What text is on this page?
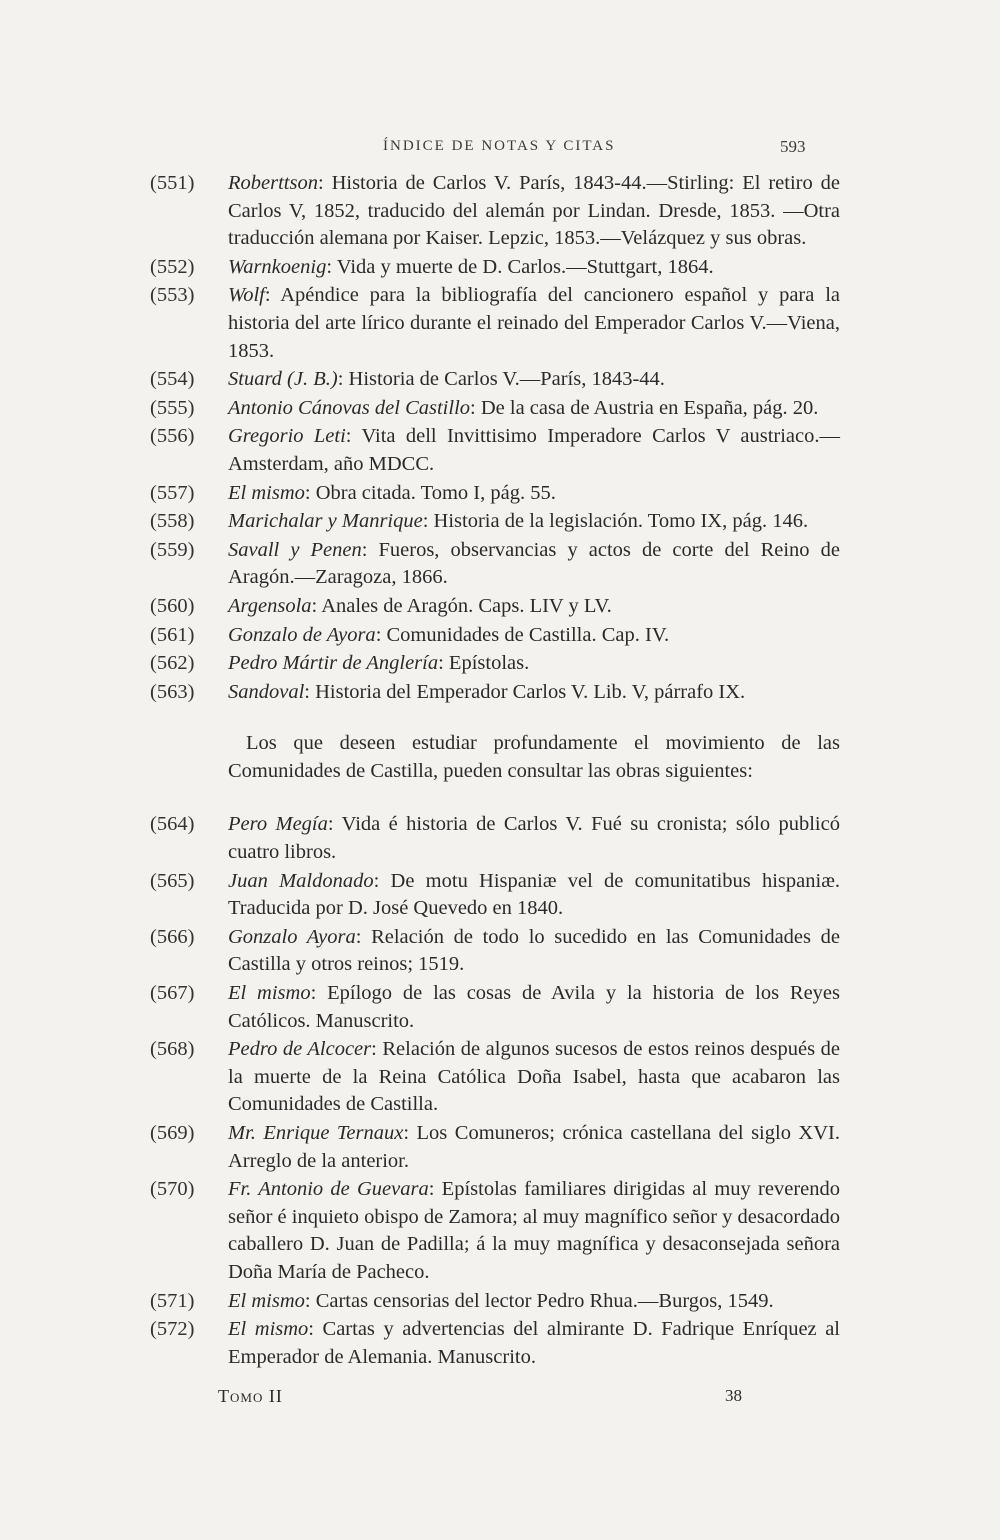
ÍNDICE DE NOTAS Y CITAS	593
(551)	Roberttson: Historia de Carlos V. París, 1843-44.—Stirling: El retiro de Carlos V, 1852, traducido del alemán por Lindan. Dresde, 1853. —Otra traducción alemana por Kaiser. Lepzic, 1853.—Velázquez y sus obras.
(552)	Warnkoenig: Vida y muerte de D. Carlos.—Stuttgart, 1864.
(553)	Wolf: Apéndice para la bibliografía del cancionero español y para la historia del arte lírico durante el reinado del Emperador Carlos V.—Viena, 1853.
(554)	Stuard (J. B.): Historia de Carlos V.—París, 1843-44.
(555)	Antonio Cánovas del Castillo: De la casa de Austria en España, pág. 20.
(556)	Gregorio Leti: Vita dell Invittisimo Imperadore Carlos V austriaco.—Amsterdam, año MDCC.
(557)	El mismo: Obra citada. Tomo I, pág. 55.
(558)	Marichalar y Manrique: Historia de la legislación. Tomo IX, pág. 146.
(559)	Savall y Penen: Fueros, observancias y actos de corte del Reino de Aragón.—Zaragoza, 1866.
(560)	Argensola: Anales de Aragón. Caps. LIV y LV.
(561)	Gonzalo de Ayora: Comunidades de Castilla. Cap. IV.
(562)	Pedro Mártir de Anglería: Epístolas.
(563)	Sandoval: Historia del Emperador Carlos V. Lib. V, párrafo IX.
Los que deseen estudiar profundamente el movimiento de las Comunidades de Castilla, pueden consultar las obras siguientes:
(564)	Pero Megía: Vida é historia de Carlos V. Fué su cronista; sólo publicó cuatro libros.
(565)	Juan Maldonado: De motu Hispaniæ vel de comunitatibus hispaniæ. Traducida por D. José Quevedo en 1840.
(566)	Gonzalo Ayora: Relación de todo lo sucedido en las Comunidades de Castilla y otros reinos; 1519.
(567)	El mismo: Epílogo de las cosas de Avila y la historia de los Reyes Católicos. Manuscrito.
(568)	Pedro de Alcocer: Relación de algunos sucesos de estos reinos después de la muerte de la Reina Católica Doña Isabel, hasta que acabaron las Comunidades de Castilla.
(569)	Mr. Enrique Ternaux: Los Comuneros; crónica castellana del siglo XVI. Arreglo de la anterior.
(570)	Fr. Antonio de Guevara: Epístolas familiares dirigidas al muy reverendo señor é inquieto obispo de Zamora; al muy magnífico señor y desacordado caballero D. Juan de Padilla; á la muy magnífica y desaconsejada señora Doña María de Pacheco.
(571)	El mismo: Cartas censorias del lector Pedro Rhua.—Burgos, 1549.
(572)	El mismo: Cartas y advertencias del almirante D. Fadrique Enríquez al Emperador de Alemania. Manuscrito.
Tomo II	38
